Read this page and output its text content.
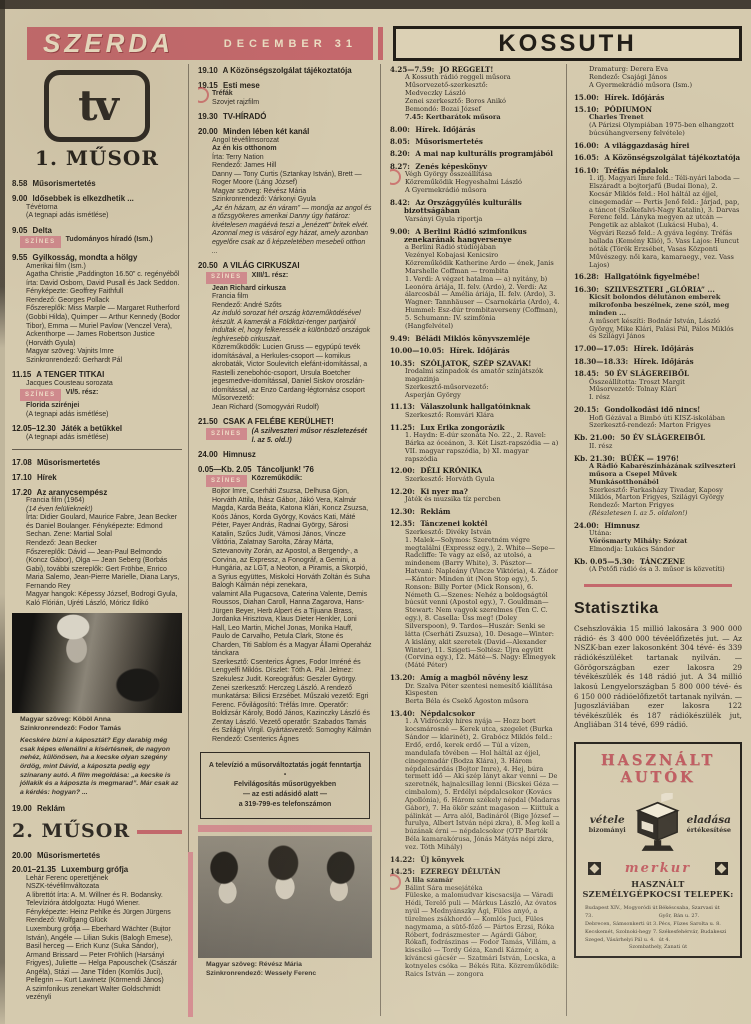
SZERDA	DECEMBER 31	KOSSUTH
tv
1. MŰSOR
8.58 Műsorismertetés
9.00 Idősebbek is elkezdhetik ...
Tévétorna
(A tegnapi adás ismétlése)
9.05 Delta
SZÍNES	Tudományos híradó (Ism.)
9.55 Gyilkosság, mondta a hölgy
Amerikai film (Ism.)
Agatha Christie „Paddington 16.50” c. regényéből írta: David Osborn, David Pusall és Jack Seddon. Fényképezte: Geoffrey Faithfull
Rendező: Georges Pollack
Főszereplők: Miss Marple — Margaret Rutherford (Gobbi Hilda), Quimper — Arthur Kennedy (Bodor Tibor), Emma — Muriel Pavlow (Venczel Vera), Ackenthorpe — James Robertson Justice (Horváth Gyula)
Magyar szöveg: Vajnits Imre
Szinkronrendező: Gerhardt Pál
11.15 A TENGER TITKAI
Jacques Cousteau sorozata
SZÍNES	VI/5. rész:
Florida szirénjei
(A tegnapi adás ismétlése)
12.05–12.30 Játék a betűkkel
(A tegnapi adás ismétlése)
17.08 Műsorismertetés
17.10 Hírek
17.20 Az aranycsempész
Francia film (1964)
(14 éven felülieknek!)
Írta: Didier Goulard, Maurice Fabre, Jean Becker és Daniel Boulanger. Fényképezte: Edmond Sechan. Zene: Martial Solal
Rendező: Jean Becker
Főszereplők: Dávid — Jean-Paul Belmondo (Koncz Gábor), Olga — Jean Seberg (Borbás Gabi), további szereplők: Gert Fröhbe, Enrico Maria Salerno, Jean-Pierre Marielle, Diana Larys, Fernando Rey
Magyar hangok: Képessy József, Bodrogi Gyula, Kaló Flórián, Ujréti László, Móricz Ildikó
Magyar szöveg: Köböl Anna
Szinkronrendező: Fodor Tamás
Kecskére bízni a káposztát? Egy darabig még csak képes ellenállni a kísértésnek, de nagyon nehéz, különösen, ha a kecske olyan szegény ördög, mint Dávid, a káposzta pedig egy színarany autó. A film megoldása: „a kecske is jóllakik és a káposzta is megmarad”. Már csak az a kérdés: hogyan? ...
19.00 Reklám
2. MŰSOR
20.00 Műsorismertetés
20.01–21.35 Luxemburg grófja
Lehár Ferenc operettjének
NSZK-tévéfilmváltozata
A librettót írta: A. M. Willner és R. Bodansky. Televízióra átdolgozta: Hugó Wiener. Fényképezte: Heinz Pehlke és Jürgen Jürgens
Rendező: Wolfgang Glück
Luxemburg grófja — Eberhard Wächter (Bujtor István), Angéle — Lilian Sukis (Balogh Emese), Basil herceg — Erich Kunz (Suka Sándor), Armand Brissard — Peter Fröhlich (Harsányi Frigyes), Juliette — Helga Papouschek (Császár Angéla), Stázi — Jane Tilden (Komlós Juci), Pellegrin — Kurt Lawinetz (Körmendi János)
A szimfonikus zenekart Walter Goldschmidt vezényli
19.10 A Közönségszolgálat tájékoztatója
19.15 Esti mese
Tréfák
Szovjet rajzfilm
19.30 TV-HÍRADÓ
20.00 Minden lében két kanál
Angol tévéfilmsorozat
Az én kis otthonom
Írta: Terry Nation
Rendező: James Hill
Danny — Tony Curtis (Sztankay István), Brett — Roger Moore (Láng József)
Magyar szöveg: Révész Mária
Szinkronrendező: Várkonyi Gyula
„Az én házam, az én váram” — mondja az angol és a tőzsgyökeres amerikai Danny úgy határoz: kivételesen magáévá teszi a „lenézett” britek elvét. Azonnal meg is vásárol egy házat, amely azonban egyelőre csak az ő képzeletében mesebeli otthon ...
20.50 A VILÁG CIRKUSZAI
SZÍNES	XIII/1. rész:
Jean Richard cirkusza
Francia film
Rendező: André Szőts
Az induló sorozat hét ország közreműködésével készült. A kamerák a Földközi-tenger partjairól indultak el, hogy felkeressék a különböző országok leghíresebb cirkuszait.
Közreműködők: Lucien Gruss — egypúpú tevék idomításával, a Herkules-csoport — komikus akrobaták, Victor Soulevitch elefánt-idomítással, a Rastelli zenebohóc-csoport, Ursula Boetcher jegesmedve-idomítással, Daniel Siskov oroszlán-idomítással, az Enzo Cardang-légtornász csoport
Műsorvezető:
Jean Richard (Somogyvári Rudolf)
21.50 CSAK A FELÉBE KERÜLHET!
SZÍNES	(A szilveszteri műsor részletezését l. az 5. old.!)
24.00 Himnusz
0.05—Kb. 2.05 Táncoljunk! '76
SZÍNES	Közreműködik:
Bojtor Imre, Cserháti Zsuzsa, Delhusa Gjon, Horváth Attila, Ihász Gábor, Jákó Vera, Kalmár Magda, Karda Beáta, Katona Klári, Koncz Zsuzsa, Koós János, Korda György, Kovács Kati, Máté Péter, Payer András, Radnai György, Sárosi Katalin, Szűcs Judit, Vámosi János, Vincze Viktória, Zalatnay Sarolta, Záray Márta, Sztevanovity Zorán, az Apostol, a Bergendy-, a Corvina, az Expressz, a Fonográf, a Gemini, a Hungária, az LGT, a Neoton, a Piramis, a Skorpió, a Syrius együttes, Miskolci Horváth Zoltán és Suha Balogh Kálmán népi zenekara,
valamint Alla Pugacsova, Caterina Valente, Demis Roussos, Diahan Caroll, Hanna Zagarova, Hans-Jürgen Beyer, Herb Alpert és a Tijuana Brass, Jordanka Hrisztova, Klaus Dieter Henkler, Loni Hall, Leo Martin, Michel Jonas, Monika Hauff, Paulo de Carvalho, Petula Clark, Stone és Charden, Titi Sablom és a Magyar Állami Operaház tánckara
Szerkesztő: Csenterics Ágnes, Fodor Imréné és Lengyelfi Miklós. Díszlet: Tóth A. Pál. Jelmez: Szekulesz Judit. Koreográfus: Geszler György. Zenei szerkesztő: Herczeg László. A rendező munkatársa: Bilicsi Erzsébet. Műszaki vezető: Egri Ferenc. Fővilágosító: Tréfás Imre. Operatőr: Boldizsár Károly, Bodó János, Kazinczky László és Zentay László. Vezető operatőr: Szabados Tamás és Szilágyi Virgil. Gyártásvezető: Somoghy Kálmán
Rendező: Csenterics Ágnes
A televízió a műsorváltoztatás jogát fenntartja
•
Felvilágosítás műsorügyekben
— az esti adásidő alatt —
a 319-799-es telefonszámon
Magyar szöveg: Révész Mária
Szinkronrendező: Wessely Ferenc
4.25—7.59: JÓ REGGELT!
A Kossuth rádió reggeli műsora
Műsorvezető-szerkesztő:
Medveczky László
Zenei szerkesztő: Boros Anikó
Bemondó: Bozai József
7.45: Kertbarátok műsora
8.00: Hírek. Időjárás
8.05: Műsorismertetés
8.20: A mai nap kulturális programjából
8.27: Zenés képeskönyv
Végh György összeállítása
Közreműködik Hegyeshalmi László
A Gyermekrádió műsora
8.42: Az Országgyűlés kulturális bizottságában
Varsányi Gyula riportja
9.00: A Berlini Rádió szimfonikus zenekarának hangversenye
a Berlini Rádió stúdiójában
Vezényel Kobajasi Kenicsiro
Közreműködik Katherine Ardo — ének, Janis Marshelle Coffman — trombita
1. Verdi: A végzet hatalma — a) nyitány, b) Leonóra áriája, II. felv. (Ardo), 2. Verdi: Az álarcosbál — Amélia áriája, II. felv. (Ardo), 3. Wagner: Tannhäuser — Csarnokária (Ardo), 4. Hummel: Esz-dúr trombitaverseny (Coffman), 5. Schumann: IV. szimfónia
(Hangfelvétel)
9.49: Béládi Miklós könyvszemléje
10.00—10.05: Hírek. Időjárás
10.35: SZÓLJATOK, SZÉP SZAVAK!
Irodalmi színpadok és amatőr színjátszók magazinja
Szerkesztő-műsorvezető:
Asperján György
11.13: Válaszolunk hallgatóinknak
Szerkesztő: Romvári Klára
11.25: Lux Erika zongorázik
1. Haydn: E-dúr szonáta No. 22., 2. Ravel: Bárka az óceánon, 3. Két Liszt-rapszódia — a) VII. magyar rapszódia, b) XI. magyar rapszódia
12.00: DÉLI KRÓNIKA
Szerkesztő: Horváth Gyula
12.20: Ki nyer ma?
Játék és muzsika tíz percben
12.30: Reklám
12.35: Tánczenei koktél
Szerkesztő: Divéky István
1. Malek—Solymos: Szeretném végre megtalálni (Expressz egy.), 2. White—Sepe—Radcliffe: Te vagy az első, az utolsó, a mindenem (Barry White), 3. Pásztor—Hatvani: Napleány (Vincze Viktória), 4. Zádor—Kántor: Minden út (Non Stop egy.), 5. Ronson: Billy Porter (Mick Ronson), 6. Németh G.—Szenes: Nehéz a boldogságtól búcsút venni (Apostol egy.), 7. Gouldman—Stewart: Nem vagyok szerelmes (Ten C. C. egy.), 8. Casella: Üss meg! (Doley Silverspoon), 9. Tardos—Huszár: Senki se látta (Cserháti Zsuzsa), 10. Desage—Winter: A kislány, akit szeretek (David—Alexander Winter), 11. Szigeti—Soltész: Újra együtt (Corvina egy.), 12. Máté—S. Nagy: Elmegyek (Máté Péter)
13.20: Amíg a magból növény lesz
Dr. Szalva Péter szentesi nemesítő kiállítása Kispesten
Berta Béla és Csekő Ágoston műsora
13.40: Népdalcsokor
1. A Vidróczky híres nyája — Hozz bort kocsmárosné — Kerek utca, szegelet (Burka Sándor — klarinét), 2. Grabócz Miklós feld.: Erdő, erdő, kerek erdő — Túl a vízen, mandulafa tövében — Hol háltál az éjjel, cinegemadár (Bodza Klára), 3. Három népdalcsárdás (Bojtor Imre), 4. Hej, búra termett idő — Aki szép lányt akar venni — De szeretnék, hajnalcsillag lenni (Bicskei Géza — cimbalom), 5. Erdélyi népdalcsokor (Kovács Apollónia), 6. Három székely népdal (Madaras Gábor), 7. Ha ökör szánt magason — Kiittuk a pálinkát — Arra alól, Badináról (Bige József — furulya, Albert István népi zkra), 8. Meg kell a búzának érni — népdalcsokor (OTP Bartók Béla kamarakórusa, Jónás Mátyás népi zkra, vez. Tóth Mihály)
14.22: Új könyvek
14.25: EZEREGY DÉLUTÁN
A lila szamár
Bálint Sára mesejátéka
Füleske, a malomudvar kiscsacsija — Váradi Hédi, Terelő puli — Márkus László, Az óvatos nyúl — Mednyánszky Ági, Füles anyó, a türelmes zsákhordó — Komlós Juci, Füles nagymama, a sütő-főző — Pártos Erzsi, Róka Róbert, fodrászmester — Agárdi Gábor, Rókafi, fodrászinas — Fodor Tamás, Villám, a kiscsikó — Tordy Géza, Kandi Kázmér, a kíváncsi gácsér — Szatmári István, Locska, a kotnyeles csóka — Békés Rita. Közreműködik: Raics István — zongora
Dramaturg: Derera Éva
Rendező: Csajági János
A Gyermekrádió műsora (Ism.)
15.00: Hírek. Időjárás
15.10: PÓDIUMON
Charles Trenet
(A Párizsi Olympiában 1975-ben elhangzott búcsúhangverseny felvétele)
16.00: A világgazdaság hírei
16.05: A Közönségszolgálat tájékoztatója
16.10: Tréfás népdalok
1. ifj. Magyari Imre feld.: Téli-nyári laboda — Elszáradt a bojtorjafű (Budai Ilona), 2. Kocsár Miklós feld.: Hol háltál az éjjel, cinegemadár — Pertis Jenő feld.: Járjad, pap, a táncot (Szőkefalvi-Nagy Katalin), 3. Darvas Ferenc feld. Lányka megyen az utcán — Pengetik az ablakot (Lukácsi Huba), 4. Végvári Rezső feld.: A gyáva legény. Tréfás ballada (Kemény Klió), 5. Vass Lajos: Huncut nóták (Török Erzsébet, Vasas Központi Művészegy. női kara, kamaraegy., vez. Vass Lajos)
16.28: Hallgatóink figyelmébe!
16.30: SZILVESZTERI „GLÓRIA” ...
Kicsit bolondos délutánon emberek mikrofonba beszélnek, zene szól, meg minden ...
A műsort készíti: Bodnár István, László György, Mike Klári, Palási Pál, Pálos Miklós és Szilágyi János
17.00—17.05: Hírek. Időjárás
18.30—18.33: Hírek. Időjárás
18.45: 50 ÉV SLÁGEREIBŐL
Összeállította: Troszt Margit
Műsorvezető: Tolnay Klári
I. rész
20.15: Gondolkodási idő nincs!
Hofi Gézával a Bimbó úti KISZ-iskolában
Szerkesztő-rendező: Marton Frigyes
Kb. 21.00: 50 ÉV SLÁGEREIBŐL
II. rész
Kb. 21.30: BÚÉK — 1976!
A Rádió Kabarészínházának szilveszteri műsora a Csepel Művek Munkásotthonából
Szerkesztő: Farkasházy Tivadar, Kaposy Miklós, Marton Frigyes, Szilágyi György
Rendező: Marton Frigyes
(Részletesen l. az 5. oldalon!)
24.00: Himnusz
Utána:
Vörösmarty Mihály: Szózat
Elmondja: Lukács Sándor
Kb. 0.05—5.30: TÁNCZENE
(A Petőfi rádió és a 3. műsor is közvetíti)
Statisztika
Csehszlovákia 15 millió lakosára 3 900 000 rádió- és 3 400 000 tévéelőfizetés jut. — Az NSZK-ban ezer lakosonként 304 tévé- és 339 rádiókészüléket tartanak nyilván. — Görögországban ezer lakosra 29 tévékészülék és 148 rádió jut. A 34 millió lakosú Lengyelországban 5 800 000 tévé- és 6 150 000 rádióelőfizetőt tartanak nyilván. — Jugoszláviában ezer lakosra 122 tévékészülék és 187 rádiókészülék jut, Angliában 314 tévé, 699 rádió.
HASZNÁLT AUTÓK
vétele
bizományi
eladása
értékesítése
merkur
HASZNÁLT SZEMÉLYGÉPKOCSI TELEPEK:
Budapest XIV., Mogyoródi út 73.
Debrecen, Sámsonkerti út 3.
Kecskemét, Szolnoki-hegy 7.
Szeged, Vásárhelyi Pál u. 4.
Békéscsaba, Szarvasi út
Győr, Bán u. 27.
Pécs, Füzes Sarolta u. 8.
Székesfehérvár, Budakeszi út 4.
Szombathely, Zanati út
